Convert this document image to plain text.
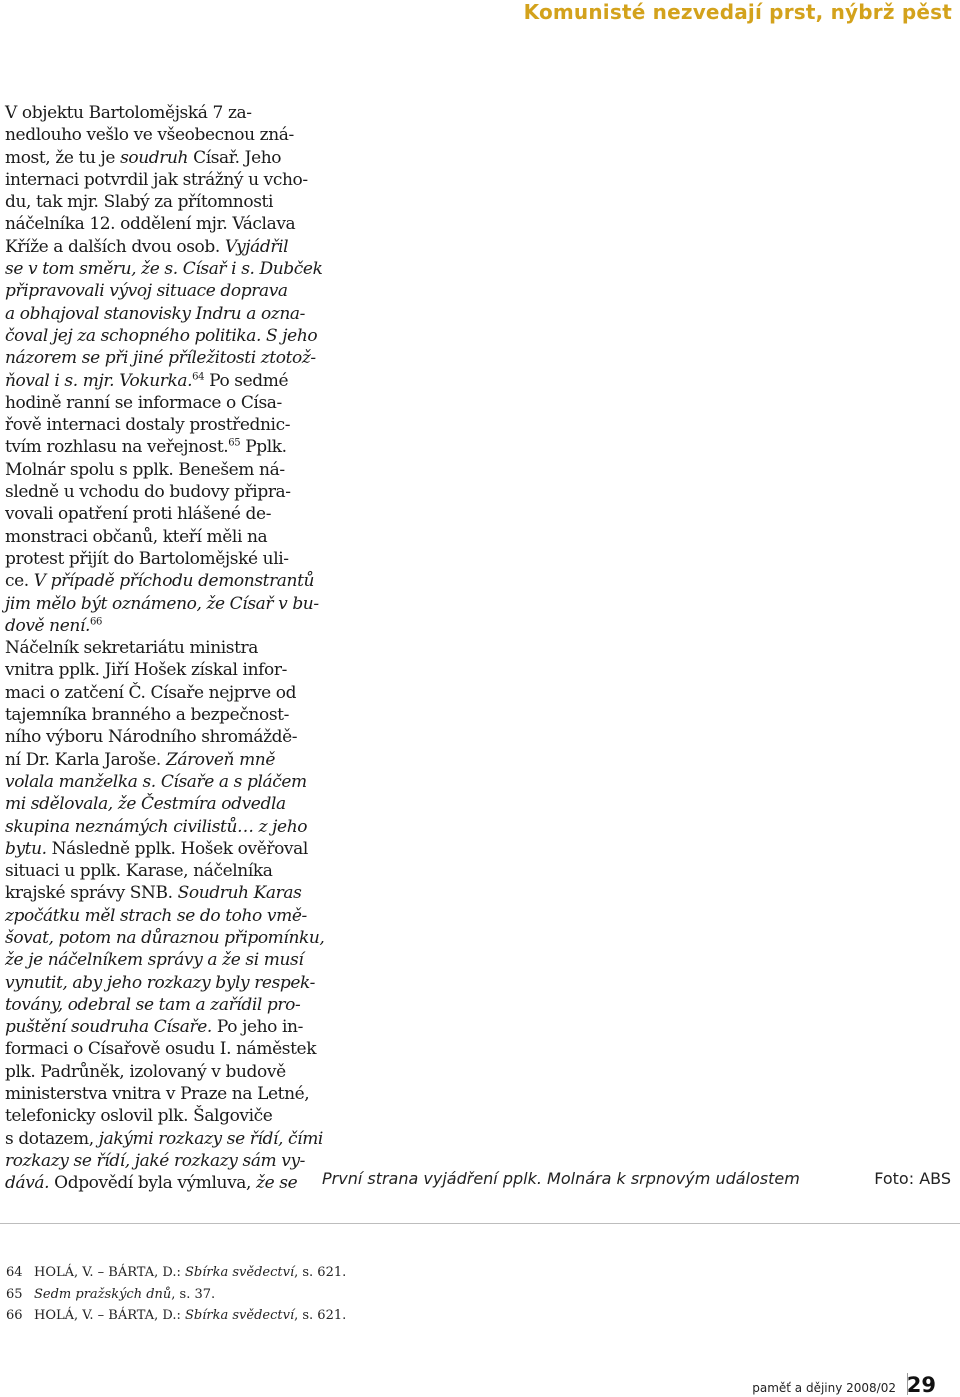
Komunisté nezvedají prst, nýbrž pěst
V objektu Bartolomějská 7 za-
nedlouho vešlo ve všeobecnou zná-
most, že tu je soudruh Císař. Jeho
internaci potvrdil jak strážný u vcho-
du, tak mjr. Slabý za přítomnosti
náčelníka 12. oddělení mjr. Václava
Kříže a dalších dvou osob. Vyjádřil
se v tom směru, že s. Císař i s. Dubček
připravovali vývoj situace doprava
a obhajoval stanovisky Indru a ozna-
čoval jej za schopného politika. S jeho
názorem se při jiné příležitosti ztotož-
ňoval i s. mjr. Vokurka.$^{64}$ Po sedmé
hodině ranní se informace o Císa-
řově internaci dostaly prostřednic-
tvím rozhlasu na veřejnost.$^{65}$ Pplk.
Molnár spolu s pplk. Benešem ná-
sledně u vchodu do budovy připra-
vovali opatření proti hlášené de-
monstraci občanů, kteří měli na
protest přijít do Bartolomějské uli-
ce. V případě příchodu demonstrantů
jim mělo být oznámeno, že Císař v bu-
dově není.$^{66}$
Náčelník sekretariátu ministra
vnitra pplk. Jiří Hošek získal infor-
maci o zatčení Č. Císaře nejprve od
tajemníka branného a bezpečnost-
ního výboru Národního shromáždě-
ní Dr. Karla Jaroše. Zároveň mně
volala manželka s. Císaře a s pláčem
mi sdělovala, že Čestmíra odvedla
skupina neznámých civilistů… z jeho
bytu. Následně pplk. Hošek ověřoval
situaci u pplk. Karase, náčelníka
krajské správy SNB. Soudruh Karas
zpočátku měl strach se do toho vmě-
šovat, potom na důraznou připomínku,
že je náčelníkem správy a že si musí
vynutit, aby jeho rozkazy byly respek-
továny, odebral se tam a zařídil pro-
puštění soudruha Císaře. Po jeho in-
formaci o Císařově osudu I. náměstek
plk. Padrůněk, izolovaný v budově
ministerstva vnitra v Praze na Letné,
telefonicky oslovil plk. Šalgoviče
s dotazem, jakými rozkazy se řídí, čími
rozkazy se řídí, jaké rozkazy sám vy-
dává. Odpovědí byla výmluva, že se První strana vyjádření pplk. Molnára k srpnovým událostem	Foto: ABS
64 HOLÁ, V. – BÁRTA, D.: Sbírka svědectví, s. 621.
65 Sedm pražských dnů, s. 37.
66 HOLÁ, V. – BÁRTA, D.: Sbírka svědectví, s. 621.
paměť a dějiny 2008/02 29
